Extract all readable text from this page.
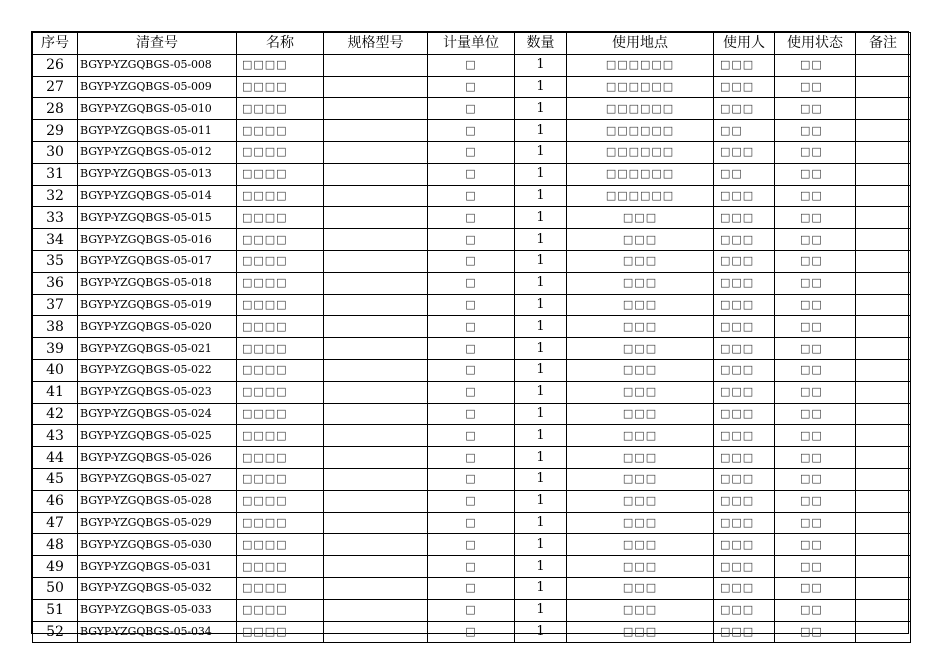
序号	清查号	名称	规格型号	计量单位	数量	使用地点	使用人	使用状态	备注
26	BGYP-YZGQBGS-05-008	□□□□		□	1	□□□□□□	□□□	□□	
27	BGYP-YZGQBGS-05-009	□□□□		□	1	□□□□□□	□□□	□□	
28	BGYP-YZGQBGS-05-010	□□□□		□	1	□□□□□□	□□□	□□	
29	BGYP-YZGQBGS-05-011	□□□□		□	1	□□□□□□	□□	□□	
30	BGYP-YZGQBGS-05-012	□□□□		□	1	□□□□□□	□□□	□□	
31	BGYP-YZGQBGS-05-013	□□□□		□	1	□□□□□□	□□	□□	
32	BGYP-YZGQBGS-05-014	□□□□		□	1	□□□□□□	□□□	□□	
33	BGYP-YZGQBGS-05-015	□□□□		□	1	□□□	□□□	□□	
34	BGYP-YZGQBGS-05-016	□□□□		□	1	□□□	□□□	□□	
35	BGYP-YZGQBGS-05-017	□□□□		□	1	□□□	□□□	□□	
36	BGYP-YZGQBGS-05-018	□□□□		□	1	□□□	□□□	□□	
37	BGYP-YZGQBGS-05-019	□□□□		□	1	□□□	□□□	□□	
38	BGYP-YZGQBGS-05-020	□□□□		□	1	□□□	□□□	□□	
39	BGYP-YZGQBGS-05-021	□□□□		□	1	□□□	□□□	□□	
40	BGYP-YZGQBGS-05-022	□□□□		□	1	□□□	□□□	□□	
41	BGYP-YZGQBGS-05-023	□□□□		□	1	□□□	□□□	□□	
42	BGYP-YZGQBGS-05-024	□□□□		□	1	□□□	□□□	□□	
43	BGYP-YZGQBGS-05-025	□□□□		□	1	□□□	□□□	□□	
44	BGYP-YZGQBGS-05-026	□□□□		□	1	□□□	□□□	□□	
45	BGYP-YZGQBGS-05-027	□□□□		□	1	□□□	□□□	□□	
46	BGYP-YZGQBGS-05-028	□□□□		□	1	□□□	□□□	□□	
47	BGYP-YZGQBGS-05-029	□□□□		□	1	□□□	□□□	□□	
48	BGYP-YZGQBGS-05-030	□□□□		□	1	□□□	□□□	□□	
49	BGYP-YZGQBGS-05-031	□□□□		□	1	□□□	□□□	□□	
50	BGYP-YZGQBGS-05-032	□□□□		□	1	□□□	□□□	□□	
51	BGYP-YZGQBGS-05-033	□□□□		□	1	□□□	□□□	□□	
52	BGYP-YZGQBGS-05-034	□□□□		□	1	□□□	□□□	□□	
